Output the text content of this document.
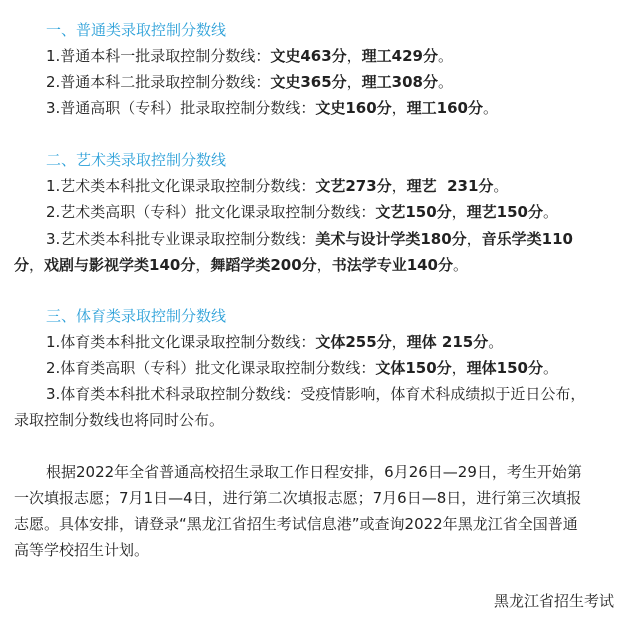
一、普通类录取控制分数线
1.普通本科一批录取控制分数线：文史463分，理工429分。
2.普通本科二批录取控制分数线：文史365分，理工308分。
3.普通高职（专科）批录取控制分数线：文史160分，理工160分。
二、艺术类录取控制分数线
1.艺术类本科批文化课录取控制分数线：文艺273分，理艺  231分。
2.艺术类高职（专科）批文化课录取控制分数线：文艺150分，理艺150分。
3.艺术类本科批专业课录取控制分数线：美术与设计学类180分，音乐学类110
分，戏剧与影视学类140分，舞蹈学类200分，书法学专业140分。
三、体育类录取控制分数线
1.体育类本科批文化课录取控制分数线：文体255分，理体 215分。
2.体育类高职（专科）批文化课录取控制分数线：文体150分，理体150分。
3.体育类本科批术科录取控制分数线：受疫情影响，体育术科成绩拟于近日公布，
录取控制分数线也将同时公布。
根据2022年全省普通高校招生录取工作日程安排，6月26日—29日，考生开始第
一次填报志愿；7月1日—4日，进行第二次填报志愿；7月6日—8日，进行第三次填报
志愿。具体安排，请登录“黑龙江省招生考试信息港”或查询2022年黑龙江省全国普通
高等学校招生计划。
黑龙江省招生考试
